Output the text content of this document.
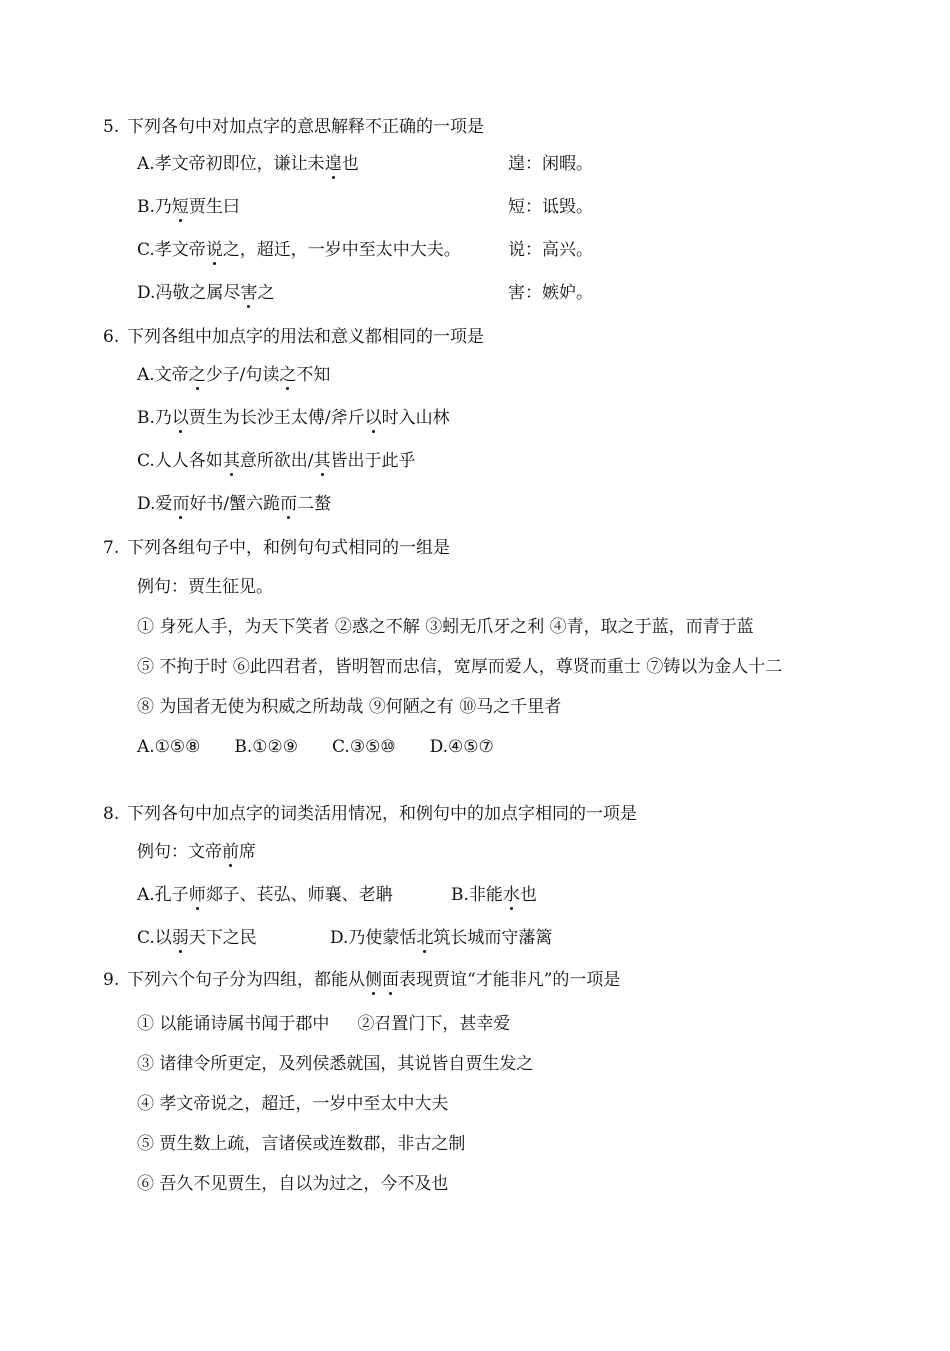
5. 下列各句中对加点字的意思解释不正确的一项是
A.孝文帝初即位，谦让未遑也	遑：闲暇。
B.乃短贾生曰	短：诋毁。
C.孝文帝说之，超迁，一岁中至太中大夫。	说：高兴。
D.冯敬之属尽害之	害：嫉妒。
6. 下列各组中加点字的用法和意义都相同的一项是
A.文帝之少子/句读之不知
B.乃以贾生为长沙王太傅/斧斤以时入山林
C.人人各如其意所欲出/其皆出于此乎
D.爱而好书/蟹六跪而二螯
7. 下列各组句子中，和例句句式相同的一组是
例句：贾生征见。
① 身死人手，为天下笑者 ②惑之不解 ③蚓无爪牙之利 ④青，取之于蓝，而青于蓝
⑤ 不拘于时 ⑥此四君者，皆明智而忠信，宽厚而爱人，尊贤而重士 ⑦铸以为金人十二
⑧ 为国者无使为积威之所劫哉 ⑨何陋之有 ⑩马之千里者
A.①⑤⑧ B.①②⑨ C.③⑤⑩ D.④⑤⑦
8. 下列各句中加点字的词类活用情况，和例句中的加点字相同的一项是
例句：文帝前席
A.孔子师郯子、苌弘、师襄、老聃	B.非能水也
C.以弱天下之民	D.乃使蒙恬北筑长城而守藩篱
9. 下列六个句子分为四组，都能从侧面表现贾谊“才能非凡”的一项是
① 以能诵诗属书闻于郡中 ②召置门下，甚幸爱
③ 诸律令所更定，及列侯悉就国，其说皆自贾生发之
④ 孝文帝说之，超迁，一岁中至太中大夫
⑤ 贾生数上疏，言诸侯或连数郡，非古之制
⑥ 吾久不见贾生，自以为过之，今不及也
